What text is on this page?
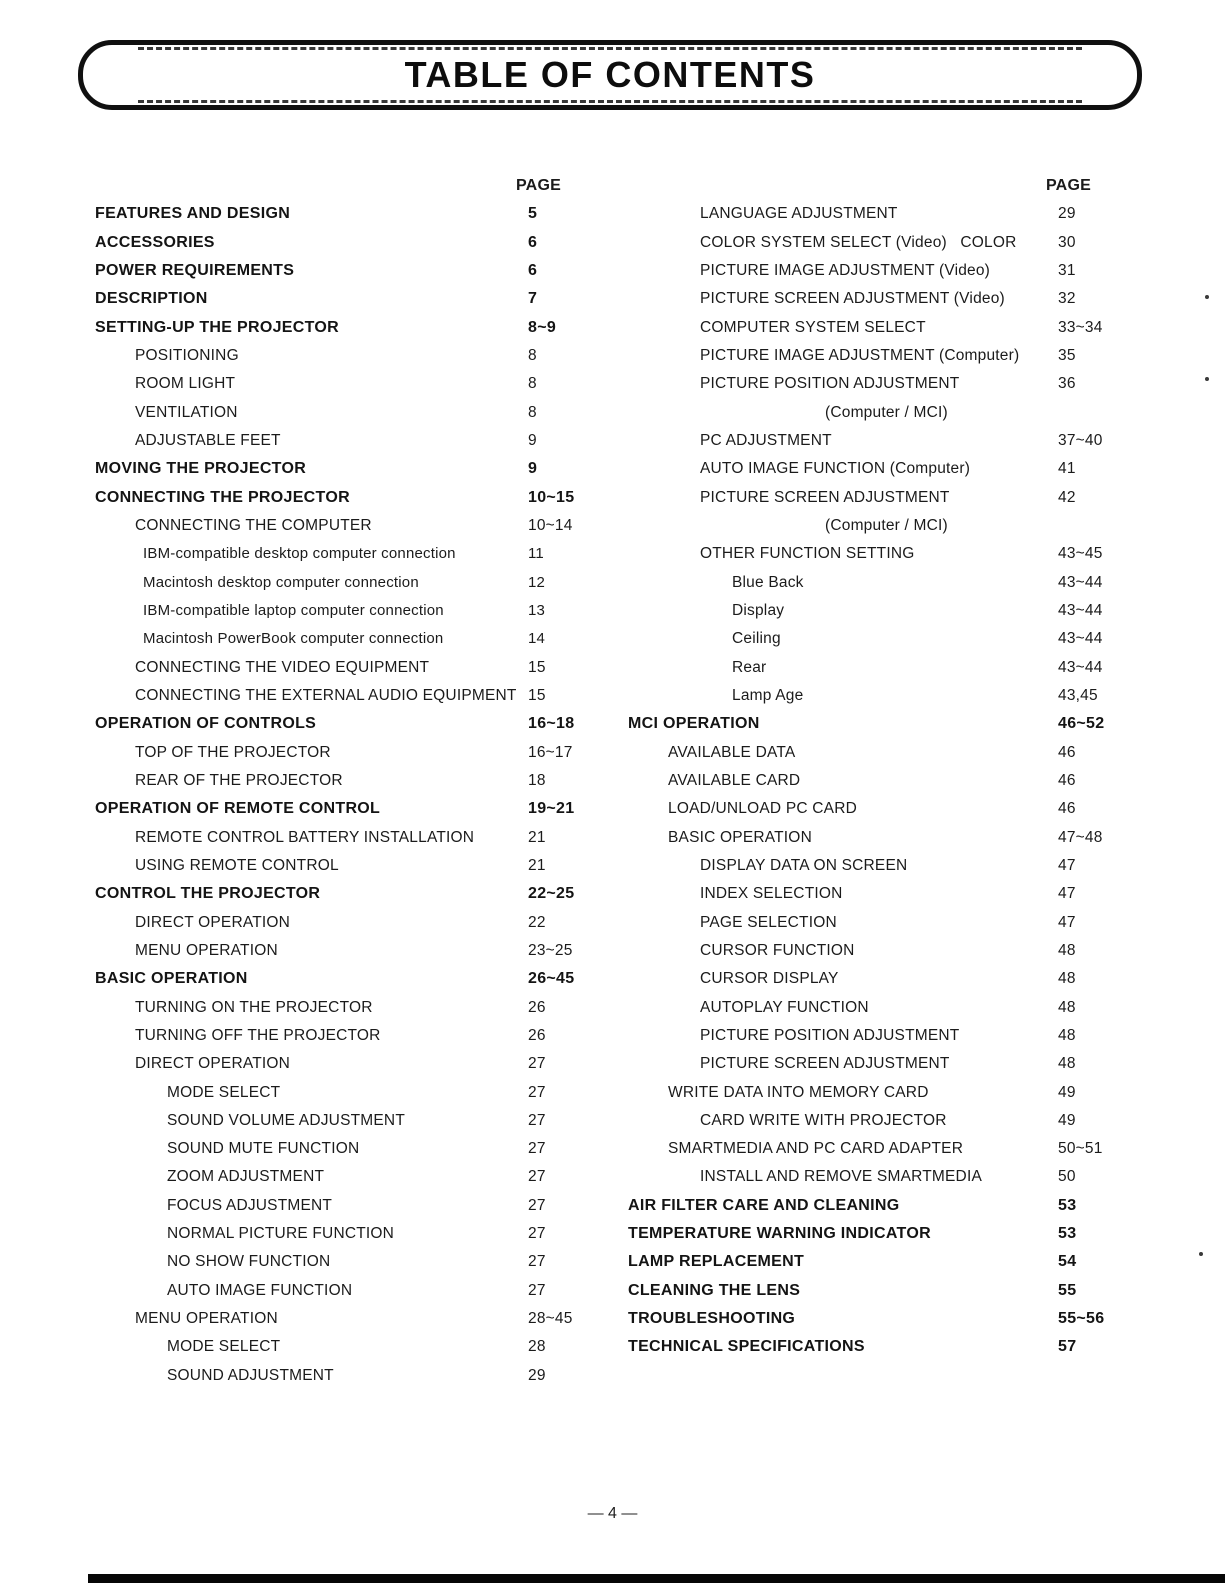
TABLE OF CONTENTS
PAGE
FEATURES AND DESIGN	5
ACCESSORIES	6
POWER REQUIREMENTS	6
DESCRIPTION	7
SETTING-UP THE PROJECTOR	8~9
POSITIONING	8
ROOM LIGHT	8
VENTILATION	8
ADJUSTABLE FEET	9
MOVING THE PROJECTOR	9
CONNECTING THE PROJECTOR	10~15
CONNECTING THE COMPUTER	10~14
IBM-compatible desktop computer connection	11
Macintosh desktop computer connection	12
IBM-compatible laptop computer connection	13
Macintosh PowerBook computer connection	14
CONNECTING THE VIDEO EQUIPMENT	15
CONNECTING THE EXTERNAL AUDIO EQUIPMENT 15
OPERATION OF CONTROLS	16~18
TOP OF THE PROJECTOR	16~17
REAR OF THE PROJECTOR	18
OPERATION OF REMOTE CONTROL	19~21
REMOTE CONTROL BATTERY INSTALLATION	21
USING REMOTE CONTROL	21
CONTROL THE PROJECTOR	22~25
DIRECT OPERATION	22
MENU OPERATION	23~25
BASIC OPERATION	26~45
TURNING ON THE PROJECTOR	26
TURNING OFF THE PROJECTOR	26
DIRECT OPERATION	27
MODE SELECT	27
SOUND VOLUME ADJUSTMENT	27
SOUND MUTE FUNCTION	27
ZOOM ADJUSTMENT	27
FOCUS ADJUSTMENT	27
NORMAL PICTURE FUNCTION	27
NO SHOW FUNCTION	27
AUTO IMAGE FUNCTION	27
MENU OPERATION	28~45
MODE SELECT	28
SOUND ADJUSTMENT	29
PAGE
LANGUAGE ADJUSTMENT	29
COLOR SYSTEM SELECT (Video)   COLOR	30
PICTURE IMAGE ADJUSTMENT (Video)	31
PICTURE SCREEN ADJUSTMENT (Video)	32
COMPUTER SYSTEM SELECT	33~34
PICTURE IMAGE ADJUSTMENT (Computer) 35
PICTURE POSITION ADJUSTMENT	36
(Computer / MCI)
PC ADJUSTMENT	37~40
AUTO IMAGE FUNCTION (Computer)	41
PICTURE SCREEN ADJUSTMENT	42
(Computer / MCI)
OTHER FUNCTION SETTING	43~45
Blue Back	43~44
Display	43~44
Ceiling	43~44
Rear	43~44
Lamp Age	43,45
MCI OPERATION	46~52
AVAILABLE DATA	46
AVAILABLE CARD	46
LOAD/UNLOAD PC CARD	46
BASIC OPERATION	47~48
DISPLAY DATA ON SCREEN	47
INDEX SELECTION	47
PAGE SELECTION	47
CURSOR FUNCTION	48
CURSOR DISPLAY	48
AUTOPLAY FUNCTION	48
PICTURE POSITION ADJUSTMENT	48
PICTURE SCREEN ADJUSTMENT	48
WRITE DATA INTO MEMORY CARD	49
CARD WRITE WITH PROJECTOR	49
SMARTMEDIA AND PC CARD ADAPTER	50~51
INSTALL AND REMOVE SMARTMEDIA	50
AIR FILTER CARE AND CLEANING	53
TEMPERATURE WARNING INDICATOR	53
LAMP REPLACEMENT	54
CLEANING THE LENS	55
TROUBLESHOOTING	55~56
TECHNICAL SPECIFICATIONS	57
— 4 —
